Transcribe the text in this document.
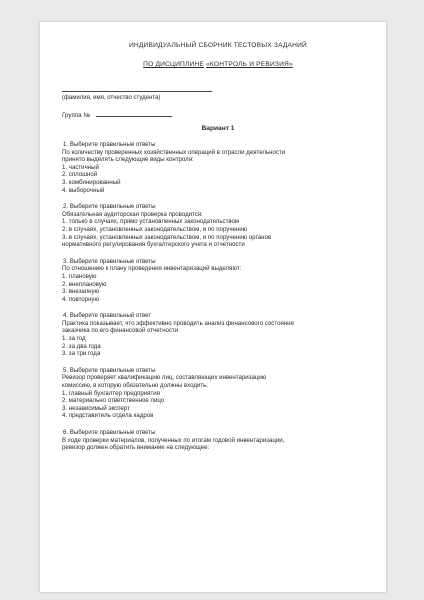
ИНДИВИДУАЛЬНЫЙ СБОРНИК ТЕСТОВЫХ ЗАДАНИЙ
ПО ДИСЦИПЛИНЕ «КОНТРОЛЬ И РЕВИЗИЯ»
(фамилия, имя, отчество студента)
Группа №
Вариант 1

1. Выберите правильные ответы

По количеству проверенных хозяйственных операций в отрасли деятельности

принято выделять следующие виды контроля:

1. частичный

2. сплошной

3. комбинированный

4. выборочный

2. Выберите правильные ответы

Обязательная аудиторская проверка проводится:

1. только в случаях, прямо установленных законодательством

2. в случаях, установленных законодательством, и по поручению

3. в случаях, установленных законодательством, и по поручению органов

нормативного регулирования бухгалтерского учета и отчетности

3. Выберите правильные ответы

По отношению к плану проведения инвентаризаций выделяют:

1. плановую

2. внеплановую

3. внезапную

4. повторную

4. Выберите правильный ответ

Практика показывает, что эффективно проводить анализ финансового состояния

заказчика по его финансовой отчетности

1. за год

2. за два года

3. за три года

5. Выберите правильные ответы

Ревизор проверяет квалификацию лиц, составляющих инвентаризацию

комиссию, в которую обязательно должны входить:

1. главный бухгалтер предприятия

2. материально ответственное лицо

3. независимый эксперт

4. представитель отдела кадров

6. Выберите правильные ответы

В ходе проверки материалов, полученных по итогам годовой инвентаризации,

ревизор должен обратить внимание на следующее:
